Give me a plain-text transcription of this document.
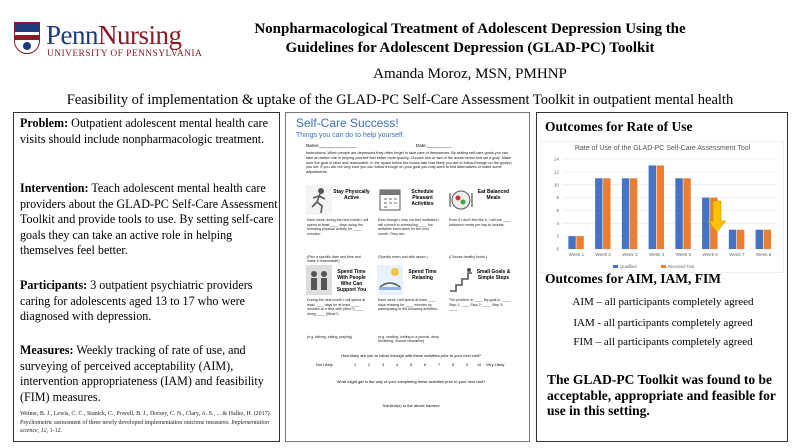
PennNursing
UNIVERSITY OF PENNSYLVANIA
Nonpharmacological Treatment of Adolescent Depression Using the
Guidelines for Adolescent Depression (GLAD-PC) Toolkit
Amanda Moroz, MSN, PMHNP
Feasibility of implementation & uptake of the GLAD-PC Self-Care Assessment Toolkit in outpatient mental health

Problem: Outpatient adolescent mental health care visits should include nonpharmacologic treatment.

Intervention: Teach adolescent mental health care providers about the GLAD-PC Self-Care Assessment Toolkit and provide tools to use. By setting self-care goals they can take an active role in helping themselves feel better.

Participants: 3 outpatient psychiatric providers caring for adolescents aged 13 to 17 who were diagnosed with depression.

Measures: Weekly tracking of rate of use, and surveying of perceived acceptability (AIM), intervention appropriateness (IAM) and feasibility (FIM) measures.

Weiner, B. J., Lewis, C. C., Stanick, C., Powell, B. J., Dorsey, C. N., Clary, A. S., ... & Halko, H. (2017). Psychometric assessment of three newly developed implementation outcome measures. Implementation science, 12, 1-12.
Self-Care Success!
Things you can do to help yourself.
Name:_______________	Date:__________
Instructions: When people are depressed they often forget to take care of themselves. By setting self-care goals you can take an active role in helping yourself feel better more quickly. Choose one or two of the areas below and set a goal. Make sure the goal is clear and reasonable. In the space below the boxes rate how likely you are to follow through on the goal(s) you set. If you are not very sure you can follow through on your goal you may want to find alternatives or make some adjustments.
Stay Physically Active
Each week during the next month I will spend at least ____ days doing the following physical activity for ____ minutes:
(Pick a specific date and time and make it reasonable!)
Schedule Pleasant Activities
Even though I may not feel motivated I will commit to scheduling ____ fun activities each week for the next month. They are:
(Specify when and with whom.)
Eat Balanced Meals
Even if I don't feel like it, I will eat ____ balanced meals per day to include:
(Choose healthy foods.)
Spend Time With People Who Can Support You
During the next month I will spend at least ____ days for at least ____ minutes at a time with (Who?) ____ doing ____ (What?)
(e.g. talking, eating, playing)
Spend Time Relaxing
Each week I will spend at least ____ days relaxing for ____ minutes by participating in the following activities:
(e.g. reading, writing in a journal, deep breathing, muscle relaxation)
Small Goals & Simple Steps
The problem is: ____ My goal is: ____ Step 1: ____ Step 2: ____ Step 3: ____
How likely are you to follow through with these activities prior to your next visit?
Not Likely	1	2	3	4	5	6	7	8	9 10 Very Likely
What might get in the way of your completing these activities prior to your next visit?
Solution(s) to the above barriers
Outcomes for Rate of Use
Rate of Use of the GLAD-PC Self-Care Assessment Tool
Week 1 Week 2 Week 3 Week 4 Week 5 Week 6 Week 7 Week 8
0
2
4
6
8
10
12
14
Qualified	Received Tool
Outcomes for AIM, IAM, FIM
AIM – all participants completely agreed
IAM - all participants completely agreed
FIM – all participants completely agreed
The GLAD-PC Toolkit was found to be acceptable, appropriate and feasible for use in this setting.
